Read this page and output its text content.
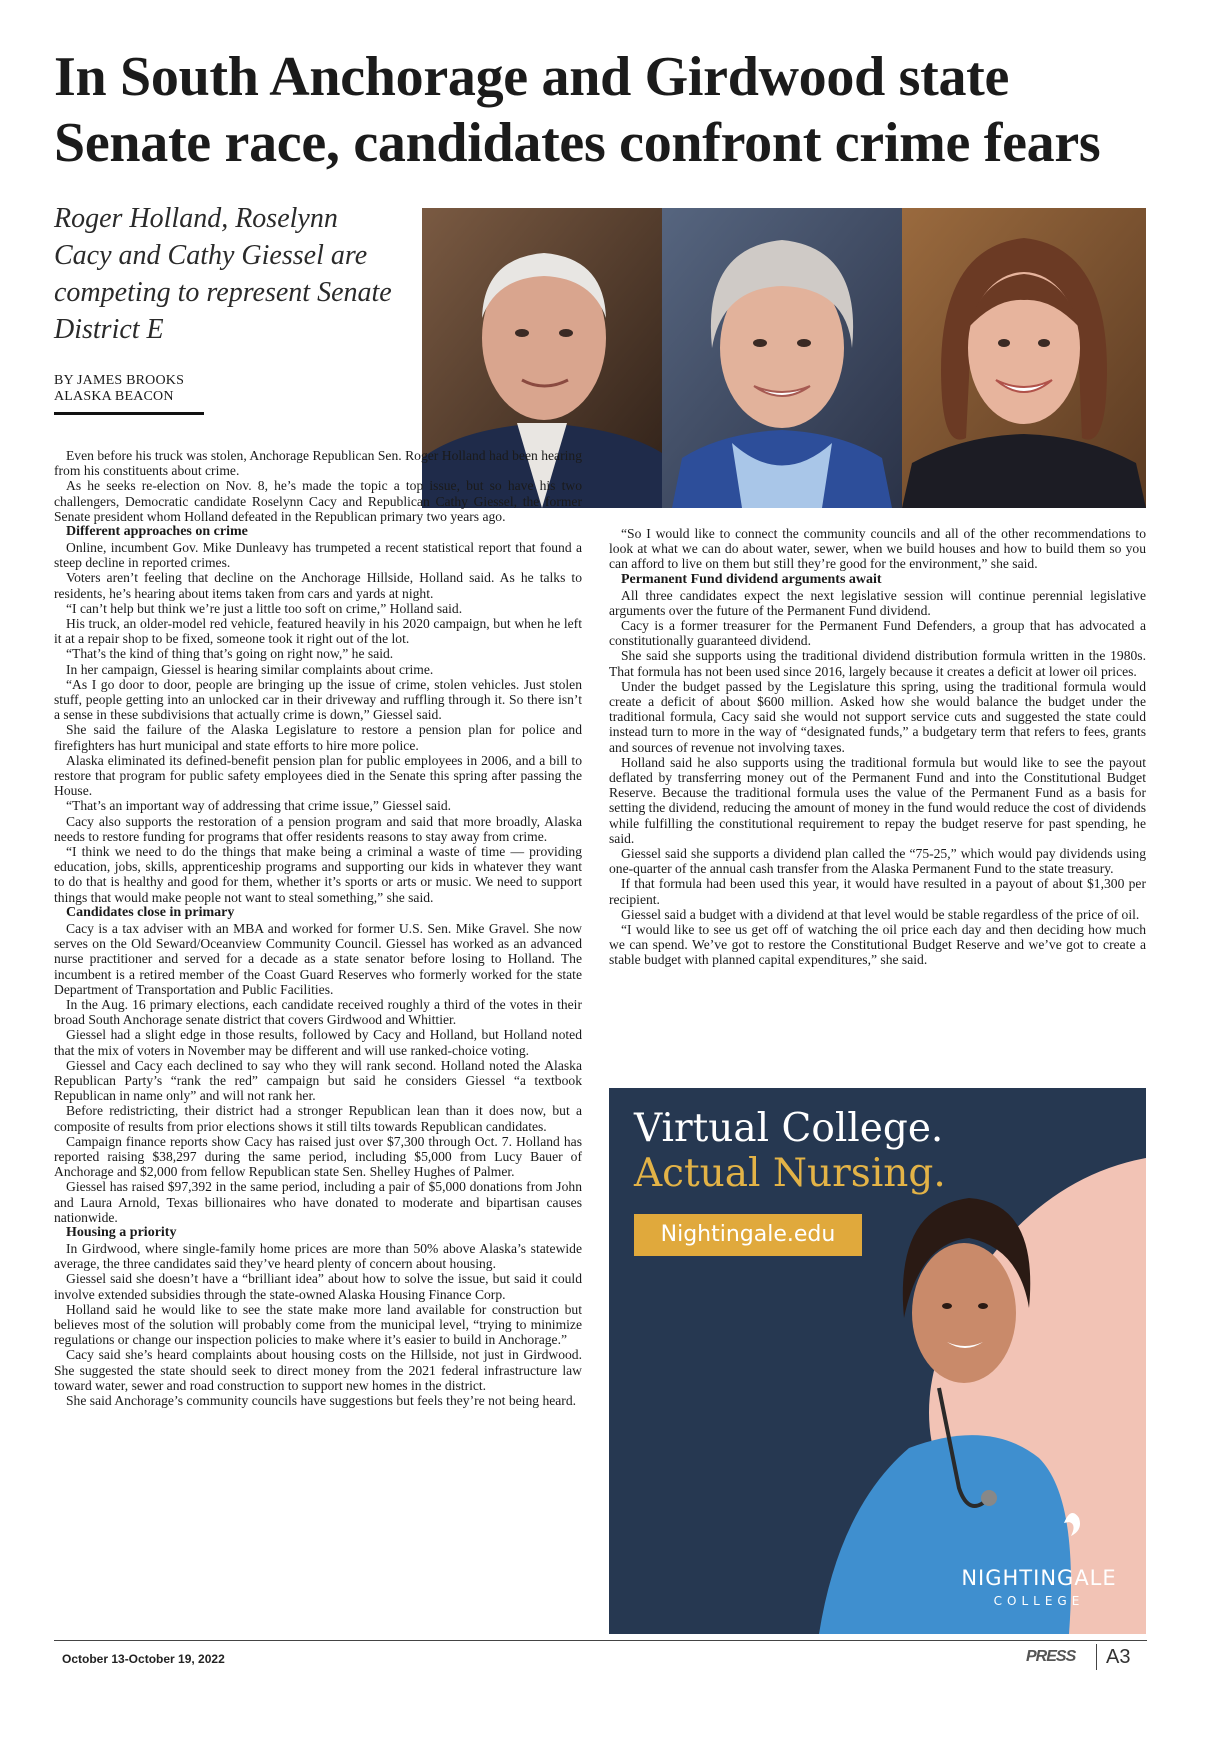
In South Anchorage and Girdwood state
Senate race, candidates confront crime fears

Roger Holland, Roselynn Cacy and Cathy Giessel are competing to represent Senate District E

BY JAMES BROOKS
ALASKA BEACON

Even before his truck was stolen, Anchorage Republican Sen. Roger Holland had been hearing from his constituents about crime.

As he seeks re-election on Nov. 8, he’s made the topic a top issue, but so have his two challengers, Democratic candidate Roselynn Cacy and Republican Cathy Giessel, the former Senate president whom Holland defeated in the Republican primary two years ago.

Different approaches on crime

Online, incumbent Gov. Mike Dunleavy has trumpeted a recent statistical report that found a steep decline in reported crimes.

Voters aren’t feeling that decline on the Anchorage Hillside, Holland said. As he talks to residents, he’s hearing about items taken from cars and yards at night.

“I can’t help but think we’re just a little too soft on crime,” Holland said.

His truck, an older-model red vehicle, featured heavily in his 2020 campaign, but when he left it at a repair shop to be fixed, someone took it right out of the lot.

“That’s the kind of thing that’s going on right now,” he said.

In her campaign, Giessel is hearing similar complaints about crime.

“As I go door to door, people are bringing up the issue of crime, stolen vehicles. Just stolen stuff, people getting into an unlocked car in their driveway and ruffling through it. So there isn’t a sense in these subdivisions that actually crime is down,” Giessel said.

She said the failure of the Alaska Legislature to restore a pension plan for police and firefighters has hurt municipal and state efforts to hire more police.

Alaska eliminated its defined-benefit pension plan for public employees in 2006, and a bill to restore that program for public safety employees died in the Senate this spring after passing the House.

“That’s an important way of addressing that crime issue,” Giessel said.

Cacy also supports the restoration of a pension program and said that more broadly, Alaska needs to restore funding for programs that offer residents reasons to stay away from crime.

“I think we need to do the things that make being a criminal a waste of time — providing education, jobs, skills, apprenticeship programs and supporting our kids in whatever they want to do that is healthy and good for them, whether it’s sports or arts or music. We need to support things that would make people not want to steal something,” she said.

Candidates close in primary

Cacy is a tax adviser with an MBA and worked for former U.S. Sen. Mike Gravel. She now serves on the Old Seward/Oceanview Community Council. Giessel has worked as an advanced nurse practitioner and served for a decade as a state senator before losing to Holland. The incumbent is a retired member of the Coast Guard Reserves who formerly worked for the state Department of Transportation and Public Facilities.

In the Aug. 16 primary elections, each candidate received roughly a third of the votes in their broad South Anchorage senate district that covers Girdwood and Whittier.

Giessel had a slight edge in those results, followed by Cacy and Holland, but Holland noted that the mix of voters in November may be different and will use ranked-choice voting.

Giessel and Cacy each declined to say who they will rank second. Holland noted the Alaska Republican Party’s “rank the red” campaign but said he considers Giessel “a textbook Republican in name only” and will not rank her.

Before redistricting, their district had a stronger Republican lean than it does now, but a composite of results from prior elections shows it still tilts towards Republican candidates.

Campaign finance reports show Cacy has raised just over $7,300 through Oct. 7. Holland has reported raising $38,297 during the same period, including $5,000 from Lucy Bauer of Anchorage and $2,000 from fellow Republican state Sen. Shelley Hughes of Palmer.

Giessel has raised $97,392 in the same period, including a pair of $5,000 donations from John and Laura Arnold, Texas billionaires who have donated to moderate and bipartisan causes nationwide.

Housing a priority

In Girdwood, where single-family home prices are more than 50% above Alaska’s statewide average, the three candidates said they’ve heard plenty of concern about housing.

Giessel said she doesn’t have a “brilliant idea” about how to solve the issue, but said it could involve extended subsidies through the state-owned Alaska Housing Finance Corp.

Holland said he would like to see the state make more land available for construction but believes most of the solution will probably come from the municipal level, “trying to minimize regulations or change our inspection policies to make where it’s easier to build in Anchorage.”

Cacy said she’s heard complaints about housing costs on the Hillside, not just in Girdwood. She suggested the state should seek to direct money from the 2021 federal infrastructure law toward water, sewer and road construction to support new homes in the district.

She said Anchorage’s community councils have suggestions but feels they’re not being heard.

“So I would like to connect the community councils and all of the other recommendations to look at what we can do about water, sewer, when we build houses and how to build them so you can afford to live on them but still they’re good for the environment,” she said.

Permanent Fund dividend arguments await

All three candidates expect the next legislative session will continue perennial legislative arguments over the future of the Permanent Fund dividend.

Cacy is a former treasurer for the Permanent Fund Defenders, a group that has advocated a constitutionally guaranteed dividend.

She said she supports using the traditional dividend distribution formula written in the 1980s. That formula has not been used since 2016, largely because it creates a deficit at lower oil prices.

Under the budget passed by the Legislature this spring, using the traditional formula would create a deficit of about $600 million. Asked how she would balance the budget under the traditional formula, Cacy said she would not support service cuts and suggested the state could instead turn to more in the way of “designated funds,” a budgetary term that refers to fees, grants and sources of revenue not involving taxes.

Holland said he also supports using the traditional formula but would like to see the payout deflated by transferring money out of the Permanent Fund and into the Constitutional Budget Reserve. Because the traditional formula uses the value of the Permanent Fund as a basis for setting the dividend, reducing the amount of money in the fund would reduce the cost of dividends while fulfilling the constitutional requirement to repay the budget reserve for past spending, he said.

Giessel said she supports a dividend plan called the “75-25,” which would pay dividends using one-quarter of the annual cash transfer from the Alaska Permanent Fund to the state treasury.

If that formula had been used this year, it would have resulted in a payout of about $1,300 per recipient.

Giessel said a budget with a dividend at that level would be stable regardless of the price of oil.

“I would like to see us get off of watching the oil price each day and then deciding how much we can spend. We’ve got to restore the Constitutional Budget Reserve and we’ve got to create a stable budget with planned capital expenditures,” she said.

Virtual College.
Actual Nursing.
Nightingale.edu
NIGHTINGALE
COLLEGE
October 13-October 19, 2022	PRESS A3
